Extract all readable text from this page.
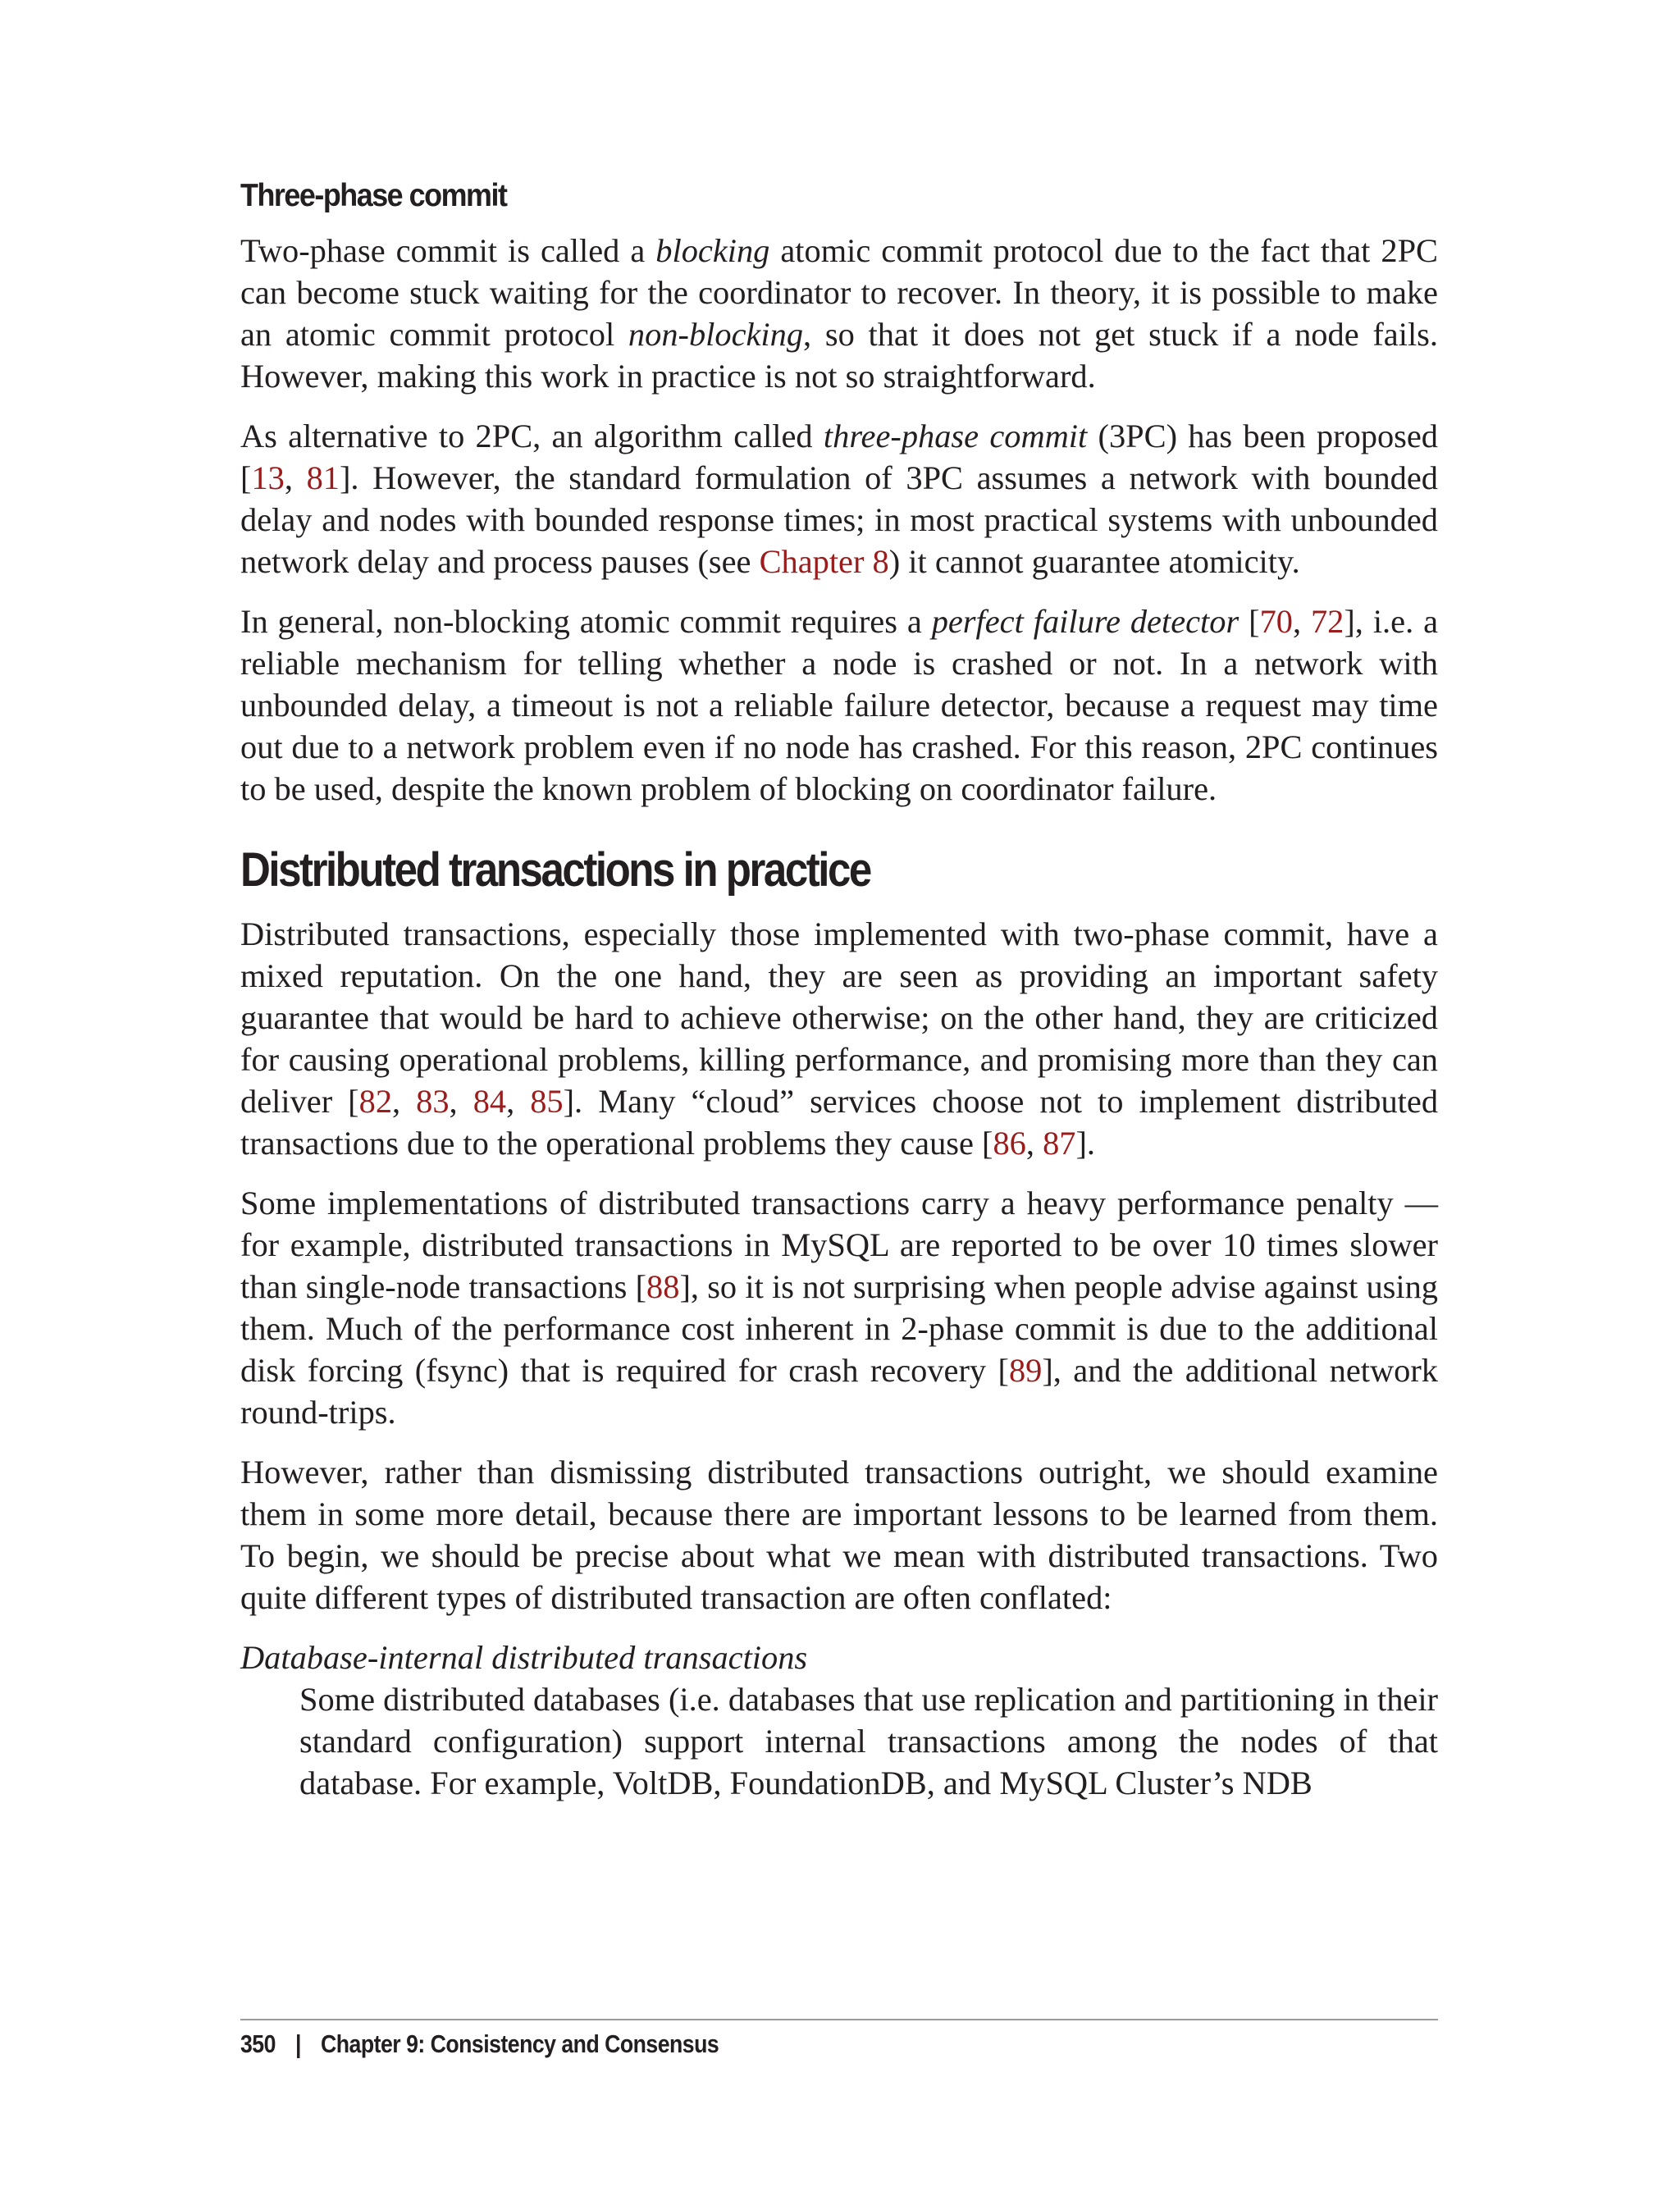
Three-phase commit

Two-phase commit is called a blocking atomic commit protocol due to the fact that 2PC can become stuck waiting for the coordinator to recover. In theory, it is possible to make an atomic commit protocol non-blocking, so that it does not get stuck if a node fails. However, making this work in practice is not so straightforward.

As alternative to 2PC, an algorithm called three-phase commit (3PC) has been proposed [13, 81]. However, the standard formulation of 3PC assumes a network with bounded delay and nodes with bounded response times; in most practical systems with unbounded network delay and process pauses (see Chapter 8) it cannot guarantee atomicity.

In general, non-blocking atomic commit requires a perfect failure detector [70, 72], i.e. a reliable mechanism for telling whether a node is crashed or not. In a network with unbounded delay, a timeout is not a reliable failure detector, because a request may time out due to a network problem even if no node has crashed. For this reason, 2PC continues to be used, despite the known problem of blocking on coordinator failure.

Distributed transactions in practice

Distributed transactions, especially those implemented with two-phase commit, have a mixed reputation. On the one hand, they are seen as providing an important safety guarantee that would be hard to achieve otherwise; on the other hand, they are criticized for causing operational problems, killing performance, and promising more than they can deliver [82, 83, 84, 85]. Many “cloud” services choose not to implement distributed transactions due to the operational problems they cause [86, 87].

Some implementations of distributed transactions carry a heavy performance penalty — for example, distributed transactions in MySQL are reported to be over 10 times slower than single-node transactions [88], so it is not surprising when people advise against using them. Much of the performance cost inherent in 2-phase commit is due to the additional disk forcing (fsync) that is required for crash recovery [89], and the additional network round-trips.

However, rather than dismissing distributed transactions outright, we should examine them in some more detail, because there are important lessons to be learned from them. To begin, we should be precise about what we mean with distributed transactions. Two quite different types of distributed transaction are often conflated:

Database-internal distributed transactions

Some distributed databases (i.e. databases that use replication and partitioning in their standard configuration) support internal transactions among the nodes of that database. For example, VoltDB, FoundationDB, and MySQL Cluster’s NDB

350 | Chapter 9: Consistency and Consensus
